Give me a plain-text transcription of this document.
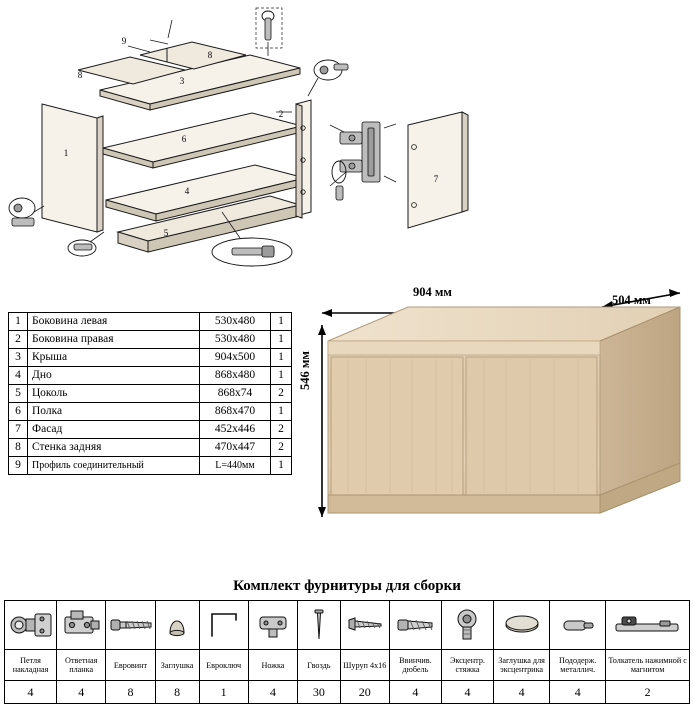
3
8
8
9
6
4
5
1
2
7
1	Боковина левая	530x480	1
2	Боковина правая	530x480	1
3	Крыша	904x500	1
4	Дно	868x480	1
5	Цоколь	868x74	2
6	Полка	868x470	1
7	Фасад	452x446	2
8	Стенка задняя	470x447	2
9	Профиль соединительный	L=440мм	1
904 мм
504 мм
546 мм
Комплект фурнитуры для сборки

Петля накладная	Ответная планка	Евровинт	Заглушка	Евроключ	Ножка	Гвоздь	Шуруп 4х16	Ввинчив. дюбель	Эксцентр. стяжка	Заглушка для эксцентрика	Пододерж. металлич.	Толкатель нажимной с магнитом
4	4	8	8	1	4	30	20	4	4	4	4	2
